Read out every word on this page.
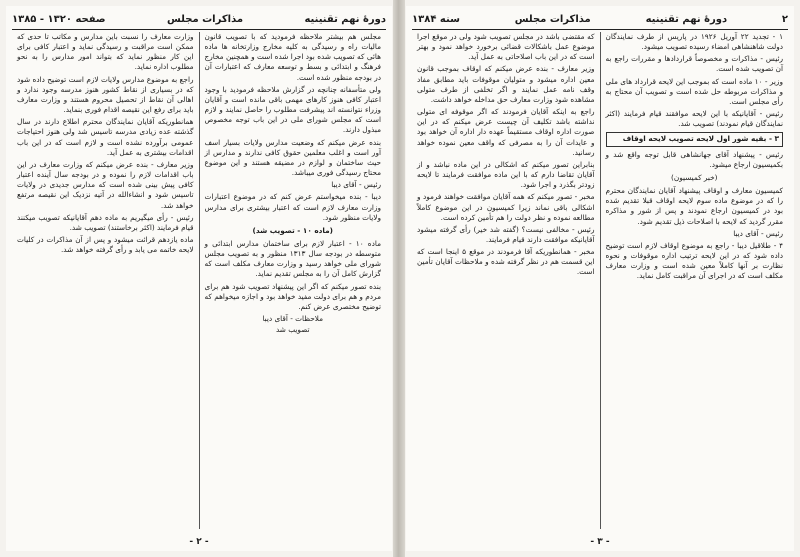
دورهٔ نهم تقنینیه
مذاکرات مجلس
صفحه ۱۳۲۰ - ۱۳۸۵

مجلس هم بیشتر ملاحظه فرمودید که با تصویب قانون مالیات راه و رسیدگی به کلیه مخارج وزارتخانه ها ماده هائی که تصویب شده بود اجرا شده است و همچنین مخارج فرهنگ و ابتدائی و بسط و توسعه معارف که اعتبارات آن در بودجه منظور شده است.

ولی متأسفانه چنانچه در گزارش ملاحظه فرمودید با وجود اعتبار کافی هنوز کارهای مهمی باقی مانده است و آقایان وزراء نتوانسته اند پیشرفت مطلوب را حاصل نمایند و لازم است که مجلس شورای ملی در این باب توجه مخصوص مبذول دارند.

بنده عرض میکنم که وضعیت مدارس ولایات بسیار اسف آور است و اغلب معلمین حقوق کافی ندارند و مدارس از حیث ساختمان و لوازم در مضیقه هستند و این موضوع محتاج رسیدگی فوری میباشد.

رئیس - آقای دیبا

دیبا - بنده میخواستم عرض کنم که در موضوع اعتبارات وزارت معارف لازم است که اعتبار بیشتری برای مدارس ولایات منظور شود.

(ماده ۱۰ - تصویب شد)

ماده ۱۰ - اعتبار لازم برای ساختمان مدارس ابتدائی و متوسطه در بودجه سال ۱۳۱۳ منظور و به تصویب مجلس شورای ملی خواهد رسید و وزارت معارف مکلف است که گزارش کامل آن را به مجلس تقدیم نماید.

بنده تصور میکنم که اگر این پیشنهاد تصویب شود هم برای مردم و هم برای دولت مفید خواهد بود و اجازه میخواهم که توضیح مختصری عرض کنم.

ملاحظات - آقای دیبا
تصویب شد

وزارت معارف را نسبت باین مدارس و مکاتب تا حدی که ممکن است مراقبت و رسیدگی نماید و اعتبار کافی برای این کار منظور نماید که بتواند امور مدارس را به نحو مطلوب اداره نماید.

راجع به موضوع مدارس ولایات لازم است توضیح داده شود که در بسیاری از نقاط کشور هنوز مدرسه وجود ندارد و اهالی آن نقاط از تحصیل محروم هستند و وزارت معارف باید برای رفع این نقیصه اقدام فوری بنماید.

همانطوریکه آقایان نمایندگان محترم اطلاع دارند در سال گذشته عده زیادی مدرسه تاسیس شد ولی هنوز احتیاجات عمومی برآورده نشده است و لازم است که در این باب اقدامات بیشتری به عمل آید.

وزیر معارف - بنده عرض میکنم که وزارت معارف در این باب اقدامات لازم را نموده و در بودجه سال آینده اعتبار کافی پیش بینی شده است که مدارس جدیدی در ولایات تاسیس شود و انشاءالله در آتیه نزدیک این نقیصه مرتفع خواهد شد.

رئیس - رأی میگیریم به ماده دهم آقایانیکه تصویب میکنند قیام فرمایند (اکثر برخاستند) تصویب شد.

ماده یازدهم قرائت میشود و پس از آن مذاکرات در کلیات لایحه خاتمه می یابد و رأی گرفته خواهد شد.

- ۲ -
۲
دورهٔ نهم تقنینیه
مذاکرات مجلس
سنه ۱۳۸۴

۱ - تجدید ۲۲ آوریل ۱۹۲۶ در پاریس از طرف نمایندگان دولت شاهنشاهی امضاء رسیده تصویب میشود.

رئیس - مذاکرات و مخصوصاً قراردادها و مقررات راجع به آن تصویب شده است.

وزیر - ۱۰ ماده است که بموجب این لایحه قرارداد های ملی و مذاکرات مربوطه حل شده است و تصویب آن محتاج به رأی مجلس است.

رئیس - آقایانیکه با این لایحه موافقند قیام فرمایند (اکثر نمایندگان قیام نمودند) تصویب شد.

۳ - بقیه شور اول لایحه تصویب لایحه اوقاف

رئیس - پیشنهاد آقای جهانشاهی قابل توجه واقع شد و بکمیسیون ارجاع میشود.

(خبر کمیسیون)

کمیسیون معارف و اوقاف پیشنهاد آقایان نمایندگان محترم را که در موضوع ماده سوم لایحه اوقاف قبلا تقدیم شده بود در کمیسیون ارجاع نمودند و پس از شور و مذاکره مقرر گردید که لایحه با اصلاحات ذیل تقدیم شود.

رئیس - آقای دیبا

۴ - طلاقیل دیبا - راجع به موضوع اوقاف لازم است توضیح داده شود که در این لایحه ترتیب اداره موقوفات و نحوه نظارت بر آنها کاملاً معین شده است و وزارت معارف مکلف است که در اجرای آن مراقبت کامل نماید.

که مقتضی باشد در مجلس تصویب شود ولی در موقع اجرا موضوع عمل باشکالات قضائی برخورد خواهد نمود و بهتر است که در این باب اصلاحاتی به عمل آید.

وزیر معارف - بنده عرض میکنم که اوقاف بموجب قانون معین اداره میشود و متولیان موقوفات باید مطابق مفاد وقف نامه عمل نمایند و اگر تخلفی از طرف متولی مشاهده شود وزارت معارف حق مداخله خواهد داشت.

راجع به اینکه آقایان فرمودند که اگر موقوفه ای متولی نداشته باشد تکلیف آن چیست عرض میکنم که در این صورت اداره اوقاف مستقیماً عهده دار اداره آن خواهد بود و عایدات آن را به مصرفی که واقف معین نموده خواهد رسانید.

بنابراین تصور میکنم که اشکالی در این ماده نباشد و از آقایان تقاضا دارم که با این ماده موافقت فرمایند تا لایحه زودتر بگذرد و اجرا شود.

مخبر - تصور میکنم که همه آقایان موافقت خواهند فرمود و اشکالی باقی نماند زیرا کمیسیون در این موضوع کاملاً مطالعه نموده و نظر دولت را هم تأمین کرده است.

رئیس - مخالفی نیست؟ (گفته شد خیر) رأی گرفته میشود آقایانیکه موافقت دارند قیام فرمایند.

مخبر - همانطوریکه آقا فرمودند در موقع ۵ اینجا است که این قسمت هم در نظر گرفته شده و ملاحظات آقایان تأمین است.

- ۳ -
